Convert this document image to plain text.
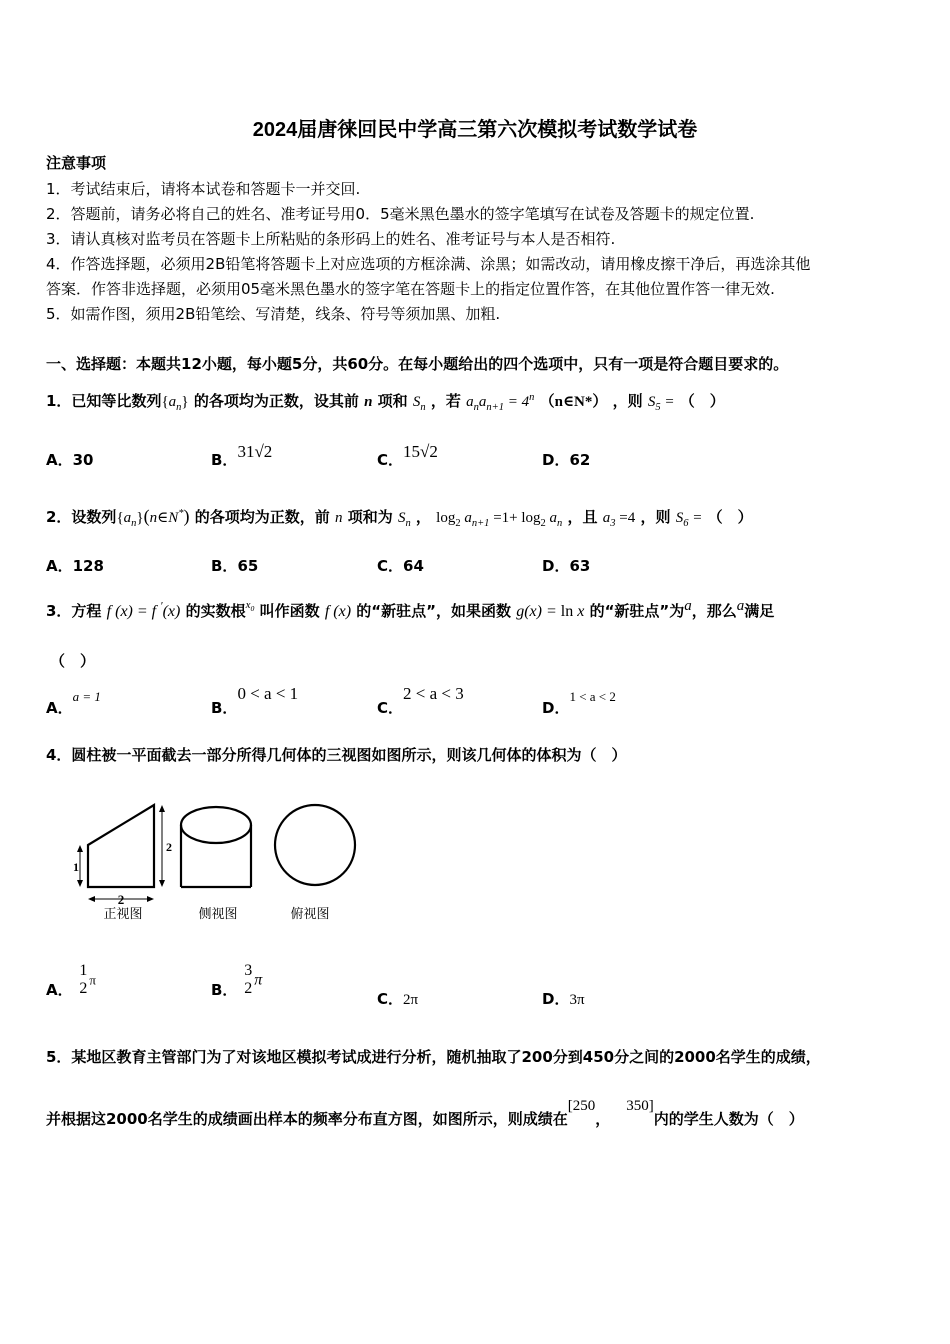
2024届唐徕回民中学高三第六次模拟考试数学试卷
注意事项
1．考试结束后，请将本试卷和答题卡一并交回.
2．答题前，请务必将自己的姓名、准考证号用0．5毫米黑色墨水的签字笔填写在试卷及答题卡的规定位置.
3．请认真核对监考员在答题卡上所粘贴的条形码上的姓名、准考证号与本人是否相符.
4．作答选择题，必须用2B铅笔将答题卡上对应选项的方框涂满、涂黑；如需改动，请用橡皮擦干净后，再选涂其他
答案．作答非选择题，必须用05毫米黑色墨水的签字笔在答题卡上的指定位置作答，在其他位置作答一律无效.
5．如需作图，须用2B铅笔绘、写清楚，线条、符号等须加黑、加粗.
一、选择题：本题共12小题，每小题5分，共60分。在每小题给出的四个选项中，只有一项是符合题目要求的。
1．已知等比数列$\{a_n\}$ 的各项均为正数，设其前 n 项和 $S_n$ ，若 $a_na_{n+1} = 4^n$ （n∈N*） ，则 $S_5$ = （　）
A．30	B．31√2	C．15√2	D．62
2．设数列$\{a_n\}(n\in N^*)$ 的各项均为正数，前 n 项和为 $S_n$ ， $\log_2 a_{n+1} =1+ \log_2 a_n$ ，且 $a_3 =4$ ，则 $S_6$ = （　）
A．128	B．65	C．64	D．63
3．方程 f (x) = f ′(x) 的实数根$^{x_0}$ 叫作函数 f (x) 的“新驻点”，如果函数 g(x) = ln x 的“新驻点”为a，那么a满足
（　）
A．a = 1
B．0 < a < 1
C．2 < a < 3
D．1 < a < 2
4．圆柱被一平面截去一部分所得几何体的三视图如图所示，则该几何体的体积为（　）
1
2
2
正视图	侧视图	俯视图
A．
1
2 π
B．
3
2 π
C．2π	D．3π
5．某地区教育主管部门为了对该地区模拟考试成进行分析，随机抽取了200分到450分之间的2000名学生的成绩，
并根据这2000名学生的成绩画出样本的频率分布直方图，如图所示，则成绩在[250，350]内的学生人数为（　）
